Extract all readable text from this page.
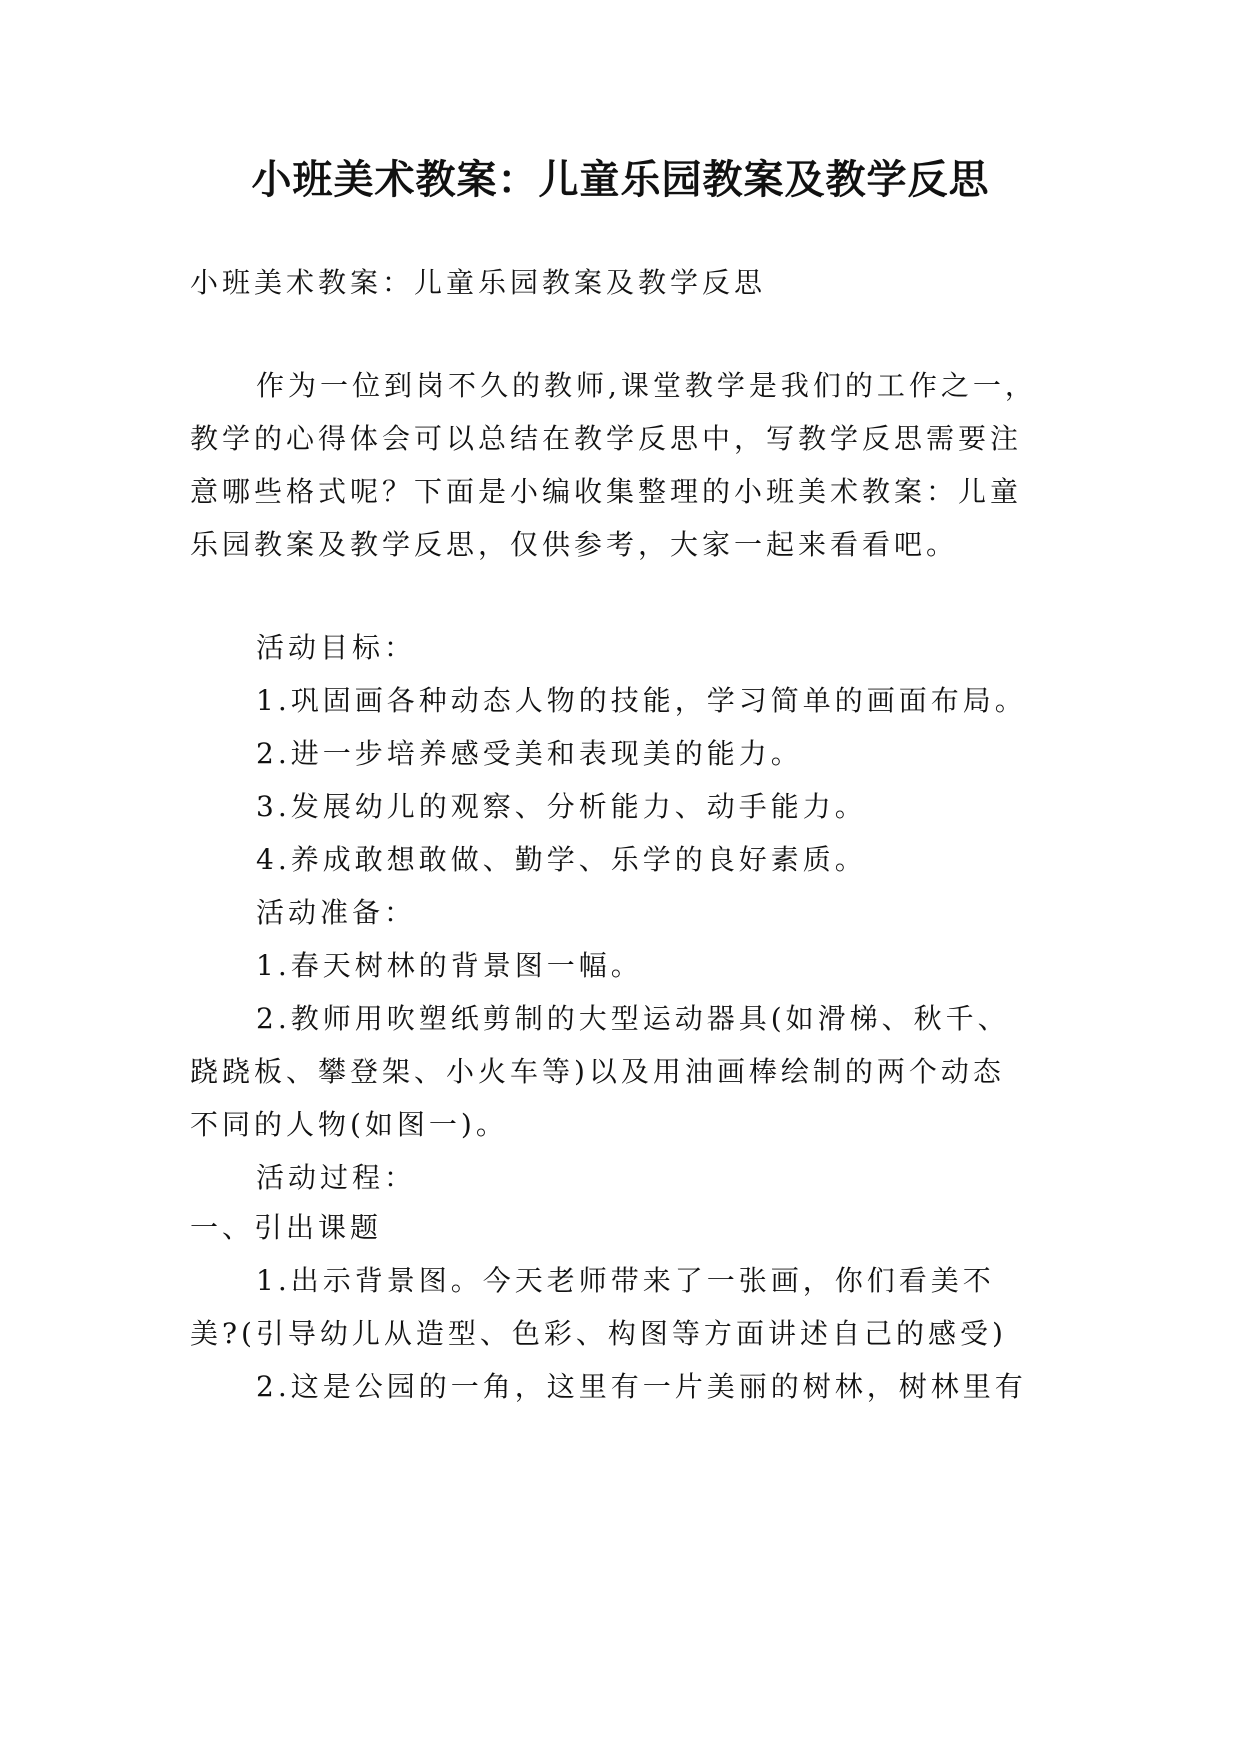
小班美术教案：儿童乐园教案及教学反思
小班美术教案：儿童乐园教案及教学反思
作为一位到岗不久的教师,课堂教学是我们的工作之一，
教学的心得体会可以总结在教学反思中，写教学反思需要注
意哪些格式呢？下面是小编收集整理的小班美术教案：儿童
乐园教案及教学反思，仅供参考，大家一起来看看吧。
活动目标：
1.巩固画各种动态人物的技能，学习简单的画面布局。
2.进一步培养感受美和表现美的能力。
3.发展幼儿的观察、分析能力、动手能力。
4.养成敢想敢做、勤学、乐学的良好素质。
活动准备：
1.春天树林的背景图一幅。
2.教师用吹塑纸剪制的大型运动器具(如滑梯、秋千、
跷跷板、攀登架、小火车等)以及用油画棒绘制的两个动态
不同的人物(如图一)。
活动过程：
一、引出课题
1.出示背景图。今天老师带来了一张画，你们看美不
美?(引导幼儿从造型、色彩、构图等方面讲述自己的感受)
2.这是公园的一角，这里有一片美丽的树林，树林里有
